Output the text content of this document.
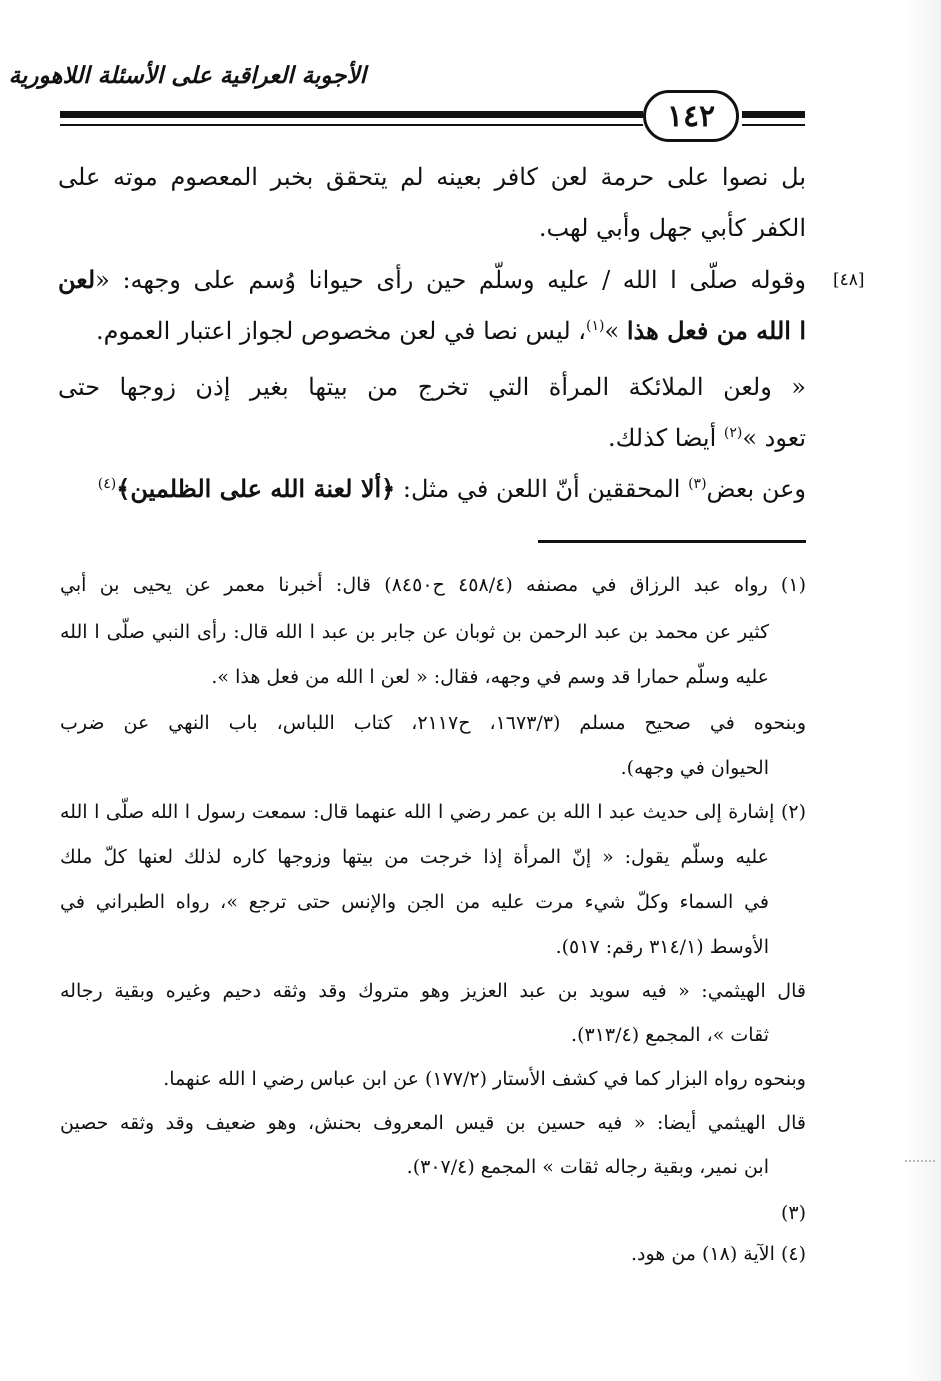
الأجوبة العراقية على الأسئلة اللاهورية
١٤٢
[٤٨]
بل نصوا على حرمة لعن كافر بعينه لم يتحقق بخبر المعصوم موته على
الكفر كأبي جهل وأبي لهب.
وقوله صلّى ا الله / عليه وسلّم حين رأى حيوانا وُسم على وجهه: «لعن
ا الله من فعل هذا »$^{(١)}$، ليس نصا في لعن مخصوص لجواز اعتبار العموم.
« ولعن الملائكة المرأة التي تخرج من بيتها بغير إذن زوجها حتى
تعود »$^{(٢)}$ أيضا كذلك.
وعن بعض$^{(٣)}$ المحققين أنّ اللعن في مثل: ﴿ألا لعنة الله على الظلمين﴾$^{(٤)}$
(١) رواه عبد الرزاق في مصنفه (٤٥٨/٤ ح٨٤٥٠) قال: أخبرنا معمر عن يحيى بن أبي
كثير عن محمد بن عبد الرحمن بن ثوبان عن جابر بن عبد ا الله قال: رأى النبي صلّى ا الله
عليه وسلّم حمارا قد وسم في وجهه، فقال: « لعن ا الله من فعل هذا ».
وبنحوه في صحيح مسلم (١٦٧٣/٣، ح٢١١٧، كتاب اللباس، باب النهي عن ضرب
الحيوان في وجهه).
(٢) إشارة إلى حديث عبد ا الله بن عمر رضي ا الله عنهما قال: سمعت رسول ا الله صلّى ا الله
عليه وسلّم يقول: « إنّ المرأة إذا خرجت من بيتها وزوجها كاره لذلك لعنها كلّ ملك
في السماء وكلّ شيء مرت عليه من الجن والإنس حتى ترجع »، رواه الطبراني في
الأوسط (٣١٤/١ رقم: ٥١٧).
قال الهيثمي: « فيه سويد بن عبد العزيز وهو متروك وقد وثقه دحيم وغيره وبقية رجاله
ثقات »، المجمع (٣١٣/٤).
وبنحوه رواه البزار كما في كشف الأستار (١٧٧/٢) عن ابن عباس رضي ا الله عنهما.
قال الهيثمي أيضا: « فيه حسين بن قيس المعروف بحنش، وهو ضعيف وقد وثقه حصين
ابن نمير، وبقية رجاله ثقات » المجمع (٣٠٧/٤).
(٣)
(٤) الآية (١٨) من هود.
